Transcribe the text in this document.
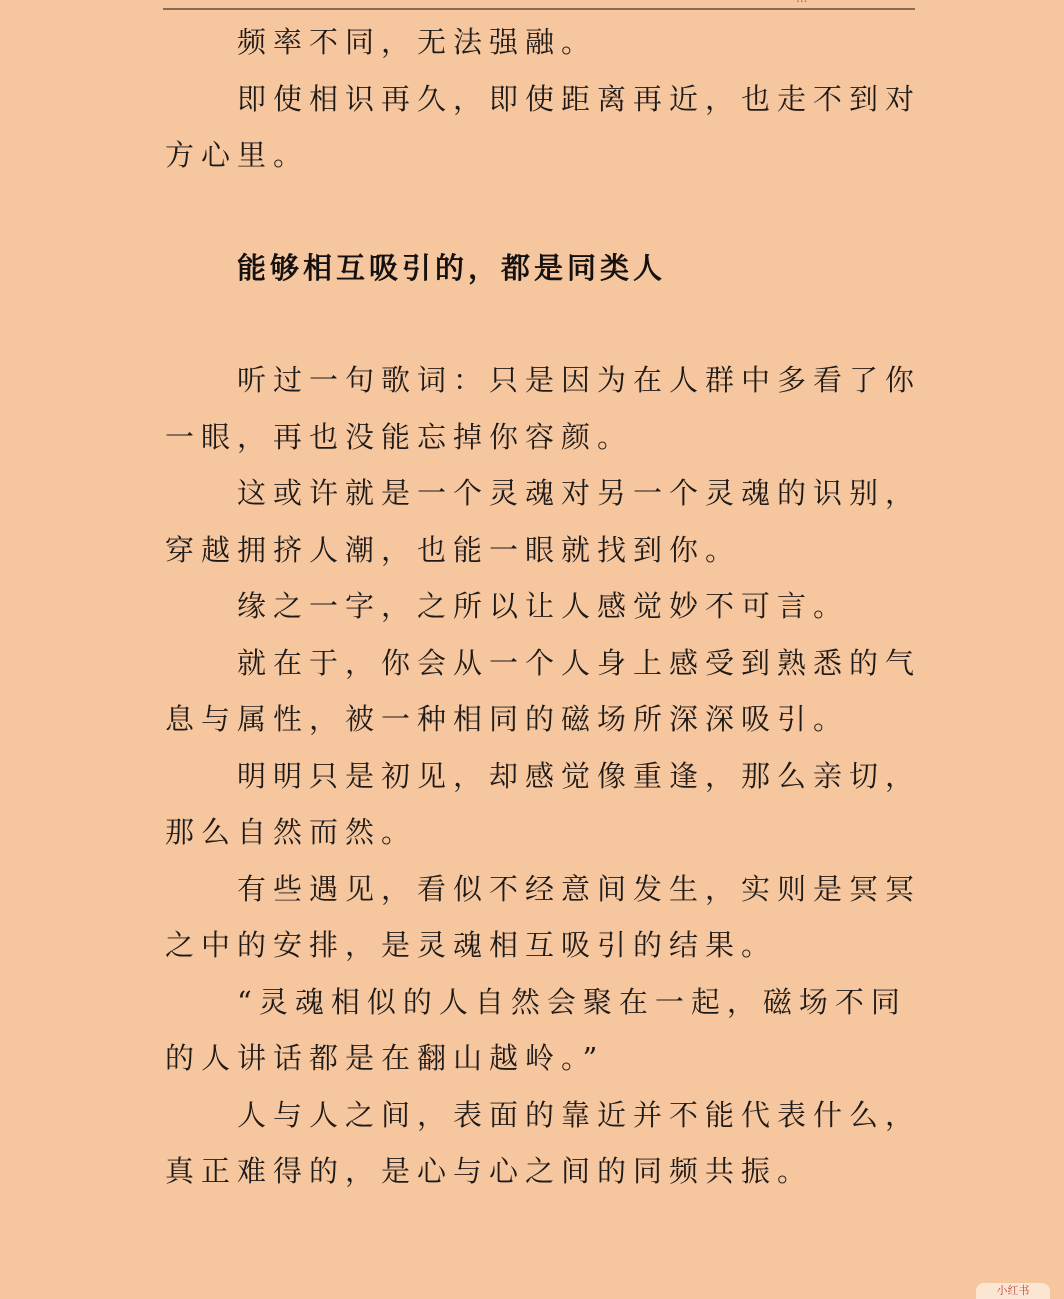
频率不同，无法强融。

即使相识再久，即使距离再近，也走不到对
方心里。

能够相互吸引的，都是同类人

听过一句歌词：只是因为在人群中多看了你
一眼，再也没能忘掉你容颜。

这或许就是一个灵魂对另一个灵魂的识别，
穿越拥挤人潮，也能一眼就找到你。

缘之一字，之所以让人感觉妙不可言。

就在于，你会从一个人身上感受到熟悉的气
息与属性，被一种相同的磁场所深深吸引。

明明只是初见，却感觉像重逢，那么亲切，
那么自然而然。

有些遇见，看似不经意间发生，实则是冥冥
之中的安排，是灵魂相互吸引的结果。

“灵魂相似的人自然会聚在一起，磁场不同
的人讲话都是在翻山越岭。”

人与人之间，表面的靠近并不能代表什么，
真正难得的，是心与心之间的同频共振。

小红书
